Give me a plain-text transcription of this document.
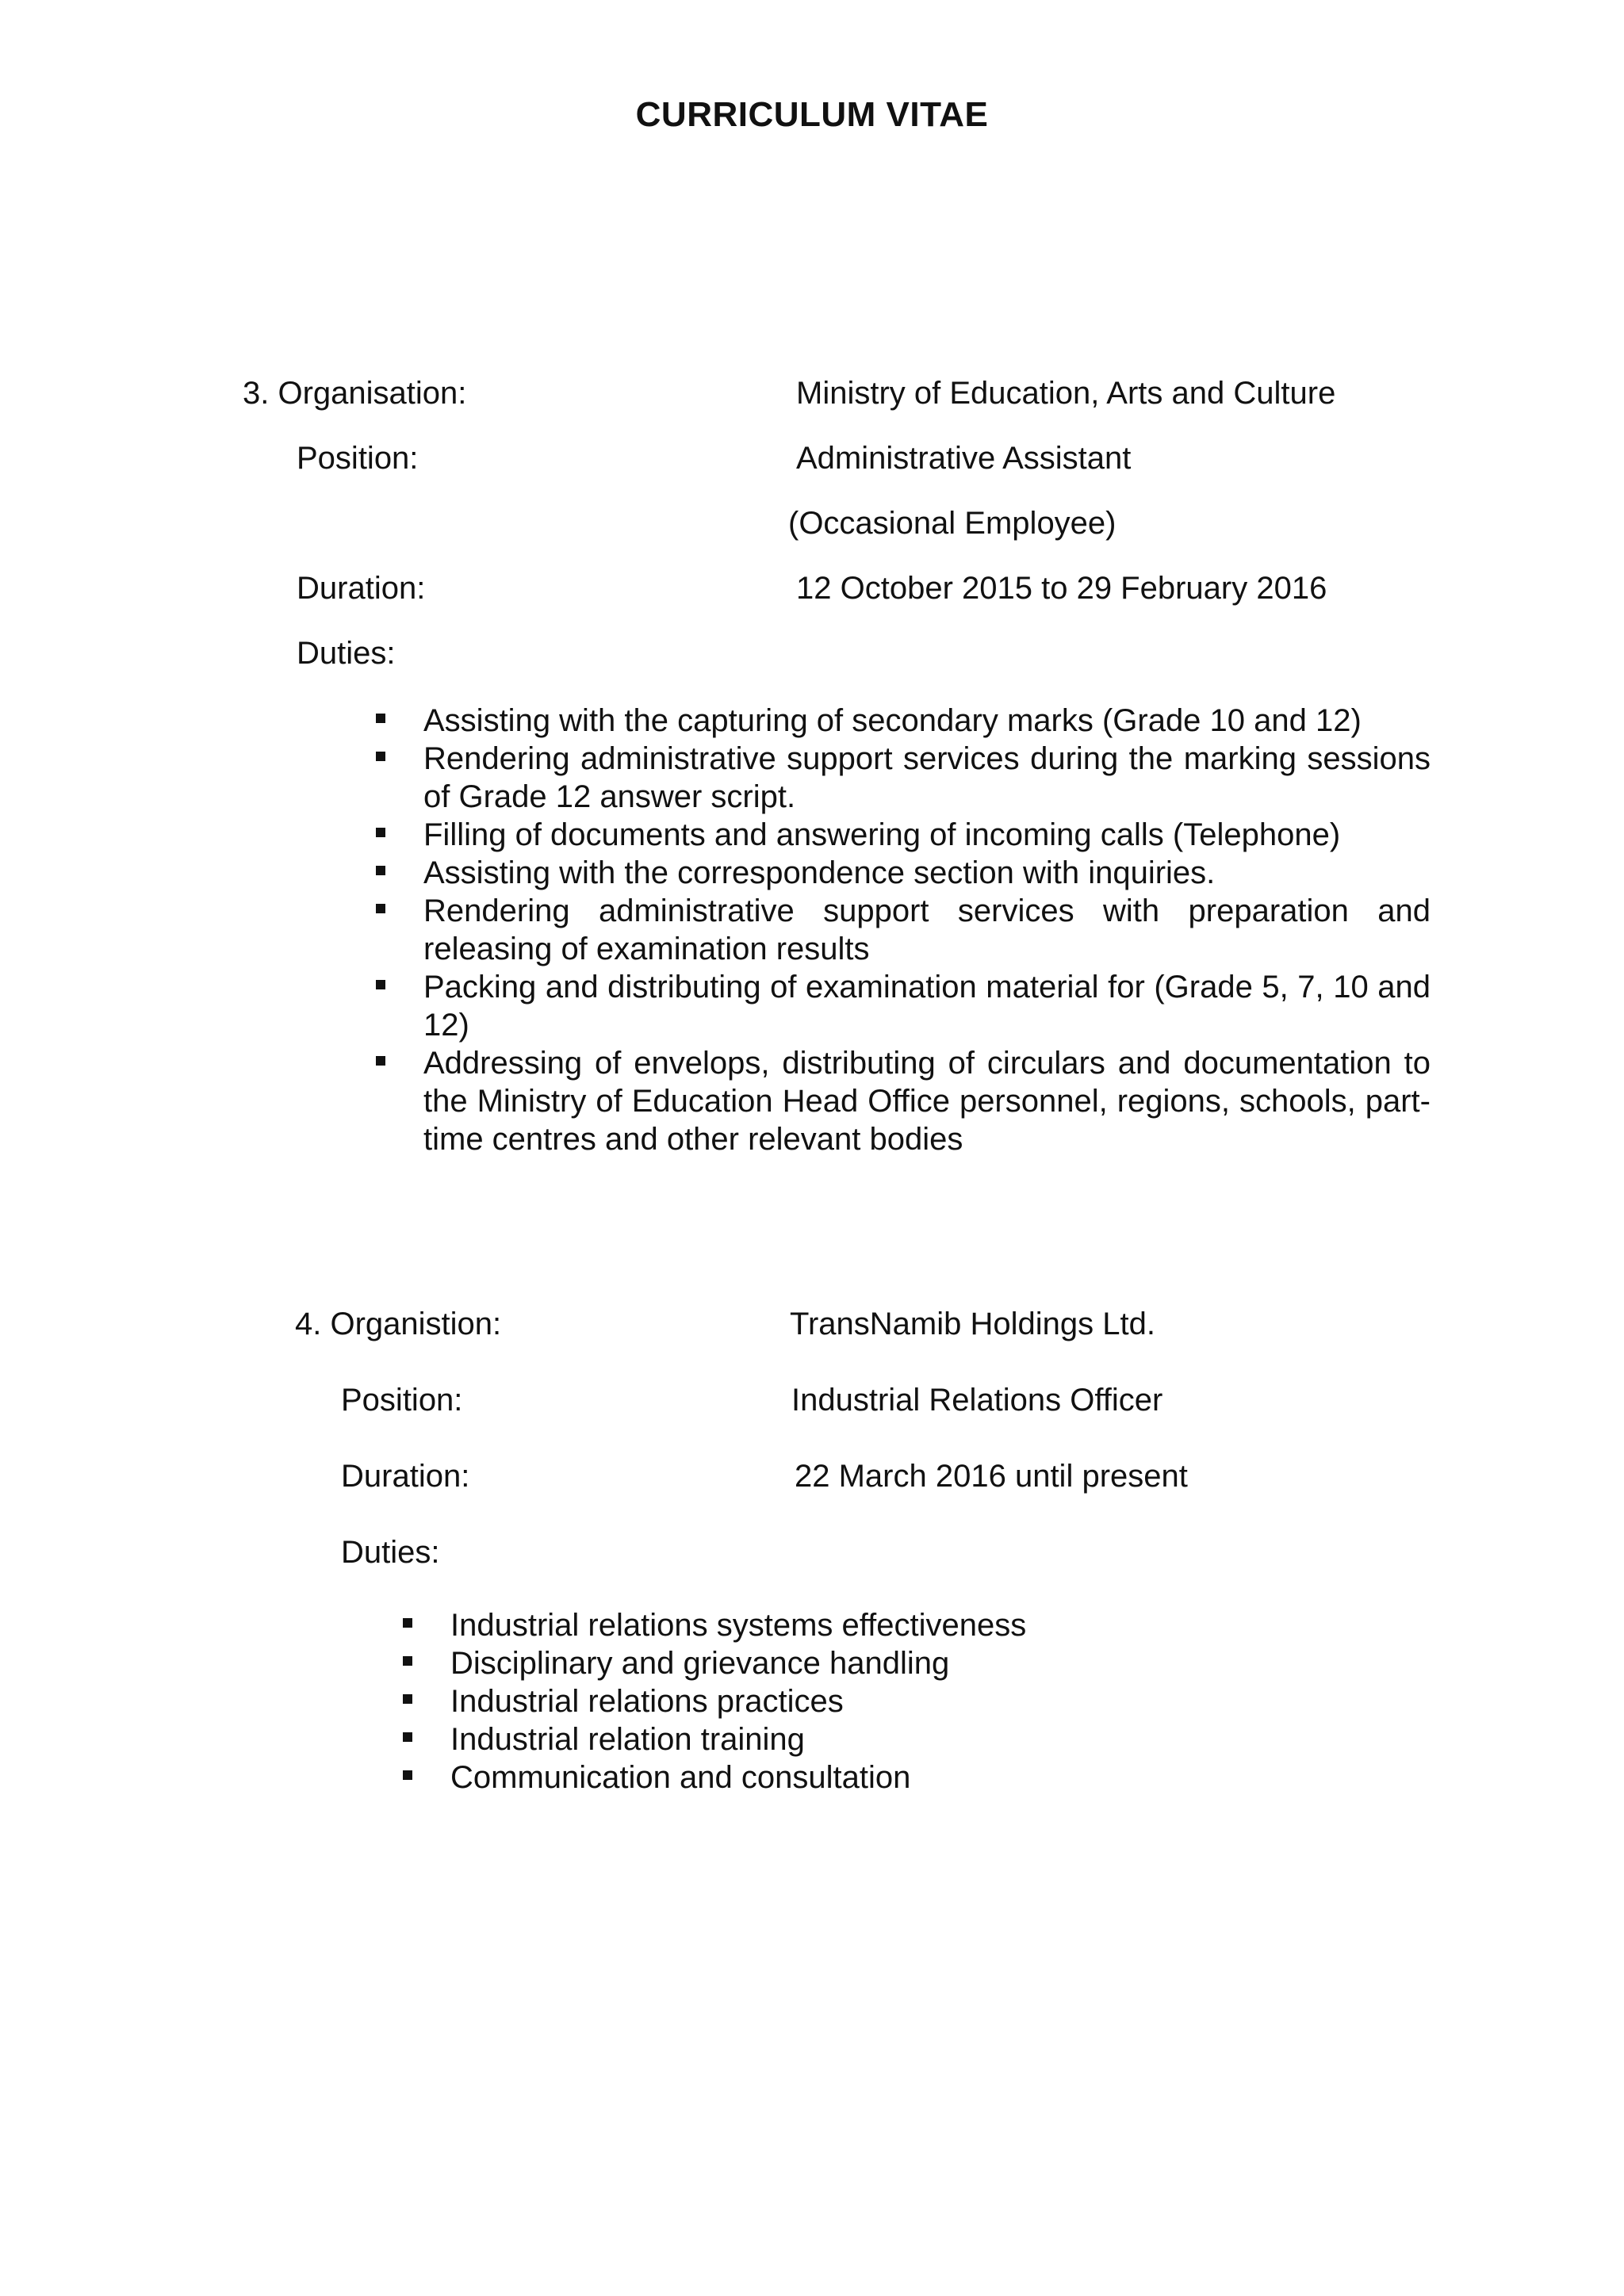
CURRICULUM VITAE
3. Organisation:	Ministry of Education, Arts and Culture
Position:	Administrative Assistant
(Occasional Employee)
Duration:	12 October 2015 to 29 February 2016
Duties:
Assisting with the capturing of secondary marks (Grade 10 and 12)
Rendering administrative support services during the marking sessions of Grade 12 answer script.
Filling of documents and answering of incoming calls (Telephone)
Assisting with the correspondence section with inquiries.
Rendering administrative support services with preparation and releasing of examination results
Packing and distributing of examination material for (Grade 5, 7, 10 and 12)
Addressing of envelops, distributing of circulars and documentation to the Ministry of Education Head Office personnel, regions, schools, part-time centres and other relevant bodies
4. Organistion:	TransNamib Holdings Ltd.
Position:	Industrial Relations Officer
Duration:	22 March 2016 until present
Duties:
Industrial relations systems effectiveness
Disciplinary and grievance handling
Industrial relations practices
Industrial relation training
Communication and consultation
